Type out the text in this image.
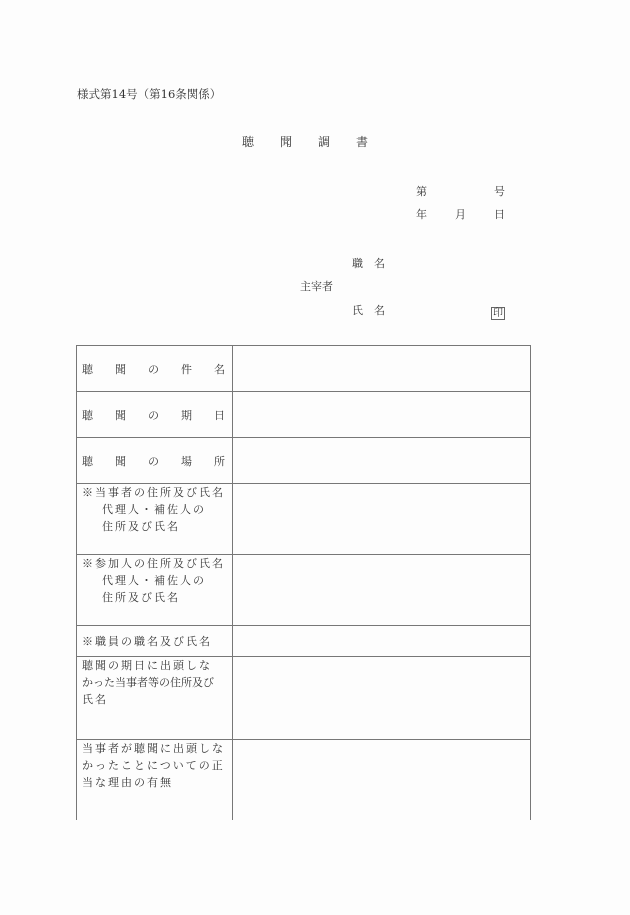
様式第14号（第16条関係）
聴 聞 調 書
第	号
年	月	日
職　名
主宰者
氏　名	印
聴 聞 の 件 名
聴 聞 の 期 日
聴 聞 の 場 所
※当事者の住所及び氏名
代理人・補佐人の
住所及び氏名
※参加人の住所及び氏名
代理人・補佐人の
住所及び氏名
※職員の職名及び氏名
聴聞の期日に出頭しな
かった当事者等の住所及び
氏名
当事者が聴聞に出頭しな
かったことについての正
当な理由の有無
